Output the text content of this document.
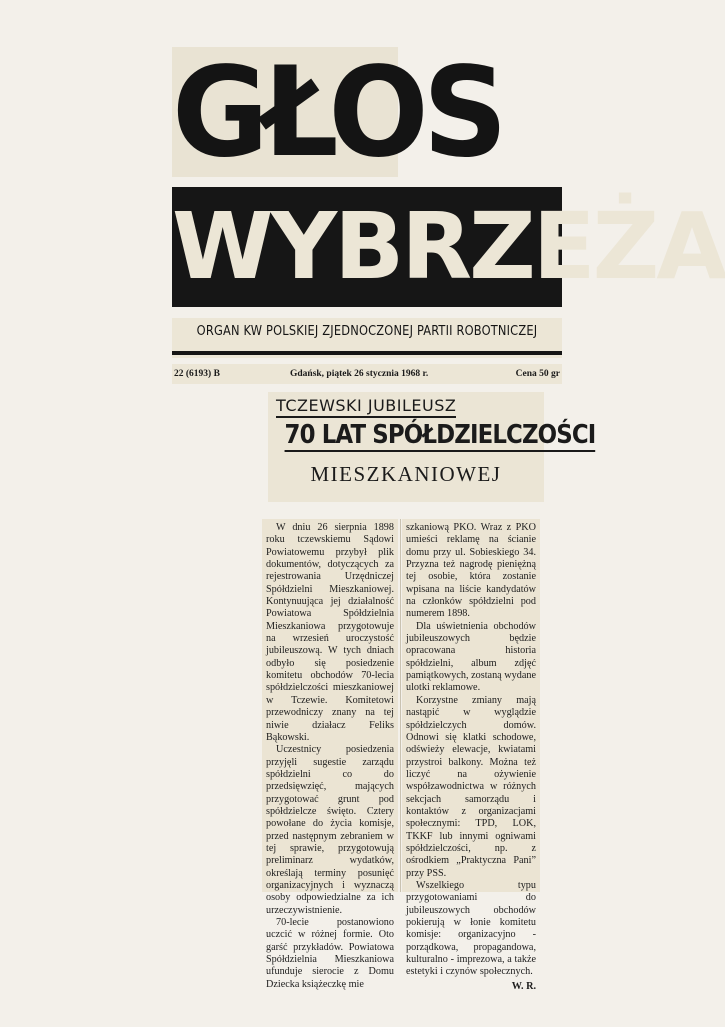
GŁOS
WYBRZEŻA
ORGAN KW POLSKIEJ ZJEDNOCZONEJ PARTII ROBOTNICZEJ
22 (6193) B	Gdańsk, piątek 26 stycznia 1968 r.	Cena 50 gr
TCZEWSKI JUBILEUSZ
70 LAT SPÓŁDZIELCZOŚCI
MIESZKANIOWEJ

W dniu 26 sierpnia 1898 roku tczewskiemu Sądowi Powiatowemu przybył plik dokumentów, dotyczących za rejestrowania Urzędniczej Spółdzielni Mieszkaniowej. Kontynuująca jej działalność Powiatowa Spółdzielnia Mieszkaniowa przygotowuje na wrzesień uroczystość jubileuszową. W tych dniach odbyło się posiedzenie komitetu obchodów 70-lecia spółdzielczości mieszkaniowej w Tczewie. Komitetowi przewodniczy znany na tej niwie działacz Feliks Bąkowski.

Uczestnicy posiedzenia przyjęli sugestie zarządu spółdzielni co do przedsięwzięć, mających przygotować grunt pod spółdzielcze święto. Cztery powołane do życia komisje, przed następnym zebraniem w tej sprawie, przygotowują preliminarz wydatków, określają terminy posunięć organizacyjnych i wyznaczą osoby odpowiedzialne za ich urzeczywistnienie.

70-lecie postanowiono uczcić w różnej formie. Oto garść przykładów. Powiatowa Spółdzielnia Mieszkaniowa ufunduje sierocie z Domu Dziecka książeczkę mie

szkaniową PKO. Wraz z PKO umieści reklamę na ścianie domu przy ul. Sobieskiego 34. Przyzna też nagrodę pieniężną tej osobie, która zostanie wpisana na liście kandydatów na członków spółdzielni pod numerem 1898.

Dla uświetnienia obchodów jubileuszowych będzie opracowana historia spółdzielni, album zdjęć pamiątkowych, zostaną wydane ulotki reklamowe.

Korzystne zmiany mają nastąpić w wyglądzie spółdzielczych domów. Odnowi się klatki schodowe, odświeży elewacje, kwiatami przystroi balkony. Można też liczyć na ożywienie współzawodnictwa w różnych sekcjach samorządu i kontaktów z organizacjami społecznymi: TPD, LOK, TKKF lub innymi ogniwami spółdzielczości, np. z ośrodkiem „Praktyczna Pani” przy PSS.

Wszelkiego typu przygotowaniami do jubileuszowych obchodów pokierują w łonie komitetu komisje: organizacyjno - porządkowa, propagandowa, kulturalno - imprezowa, a także estetyki i czynów społecznych.

W. R.
